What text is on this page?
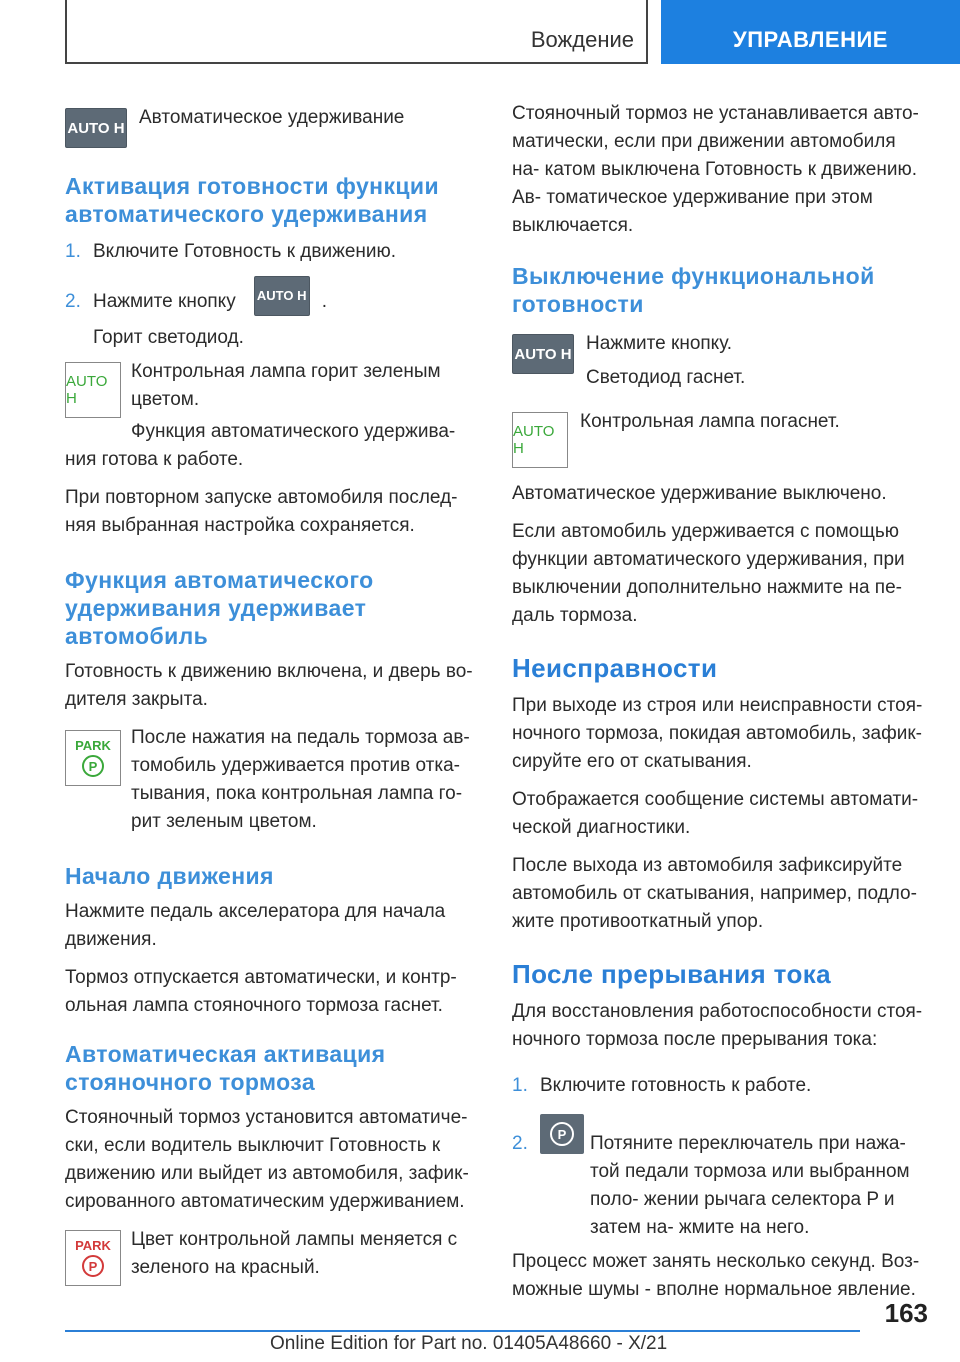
Вождение	УПРАВЛЕНИЕ
AUTO H Автоматическое удерживание
Активация готовности функции автоматического удерживания

1. Включите Готовность к движению.

2. Нажмите кнопку AUTO H .

Горит светодиод.

AUTO H

Контрольная лампа горит зеленым цветом.

Функция автоматического удержива- ния готова к работе.

При повторном запуске автомобиля послед- няя выбранная настройка сохраняется.

Функция автоматического удерживания удерживает автомобиль

Готовность к движению включена, и дверь во- дителя закрыта.

PARK
P

После нажатия на педаль тормоза ав- томобиль удерживается против отка- тывания, пока контрольная лампа го- рит зеленым цветом.

Начало движения

Нажмите педаль акселератора для начала движения.

Тормоз отпускается автоматически, и контр- ольная лампа стояночного тормоза гаснет.

Автоматическая активация стояночного тормоза

Стояночный тормоз установится автоматиче- ски, если водитель выключит Готовность к движению или выйдет из автомобиля, зафик- сированного автоматическим удерживанием.

PARK
P

Цвет контрольной лампы меняется с зеленого на красный.

Стояночный тормоз не устанавливается авто- матически, если при движении автомобиля на- катом выключена Готовность к движению. Ав- томатическое удерживание при этом выключается.

Выключение функциональной готовности
AUTO H Нажмите кнопку.

Светодиод гаснет.

AUTO H

Контрольная лампа погаснет.

Автоматическое удерживание выключено.

Если автомобиль удерживается с помощью функции автоматического удерживания, при выключении дополнительно нажмите на пе- даль тормоза.

Неисправности

При выходе из строя или неисправности стоя- ночного тормоза, покидая автомобиль, зафик- сируйте его от скатывания.

Отображается сообщение системы автомати- ческой диагностики.

После выхода из автомобиля зафиксируйте автомобиль от скатывания, например, подло- жите противооткатный упор.

После прерывания тока

Для восстановления работоспособности стоя- ночного тормоза после прерывания тока:

1. Включите готовность к работе.

2.	P	Потяните переключатель при нажа- той педали тормоза или выбранном поло- жении рычага селектора P и затем на- жмите на него.

Процесс может занять несколько секунд. Воз- можные шумы - вполне нормальное явление.

163
Online Edition for Part no. 01405A48660 - X/21
